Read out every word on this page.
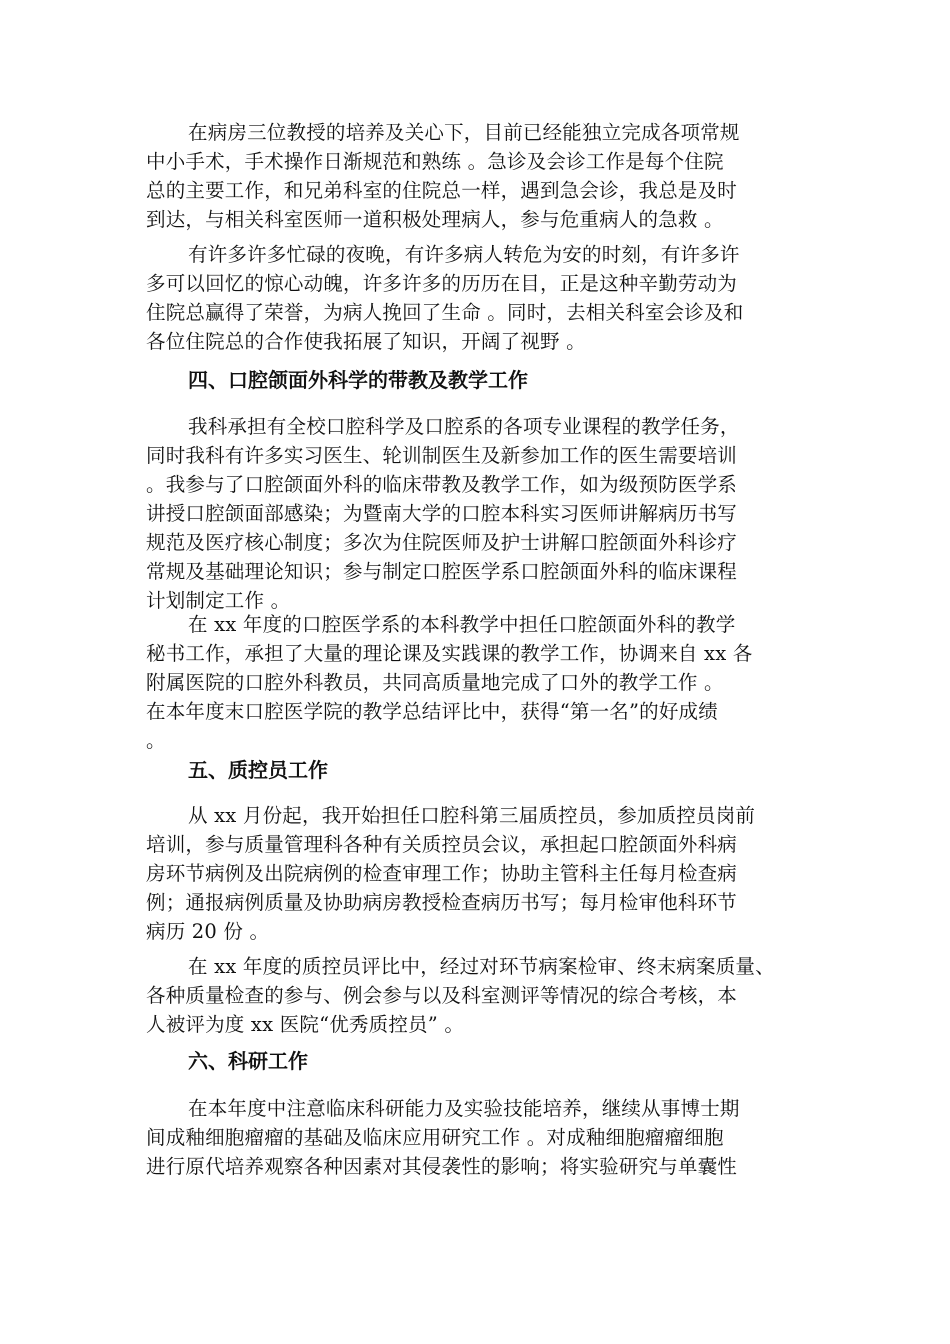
在病房三位教授的培养及关心下，目前已经能独立完成各项常规
中小手术，手术操作日渐规范和熟练 。急诊及会诊工作是每个住院
总的主要工作，和兄弟科室的住院总一样，遇到急会诊，我总是及时
到达，与相关科室医师一道积极处理病人，参与危重病人的急救 。
有许多许多忙碌的夜晚，有许多病人转危为安的时刻，有许多许
多可以回忆的惊心动魄，许多许多的历历在目，正是这种辛勤劳动为
住院总赢得了荣誉，为病人挽回了生命 。同时，去相关科室会诊及和
各位住院总的合作使我拓展了知识，开阔了视野 。
四、口腔颌面外科学的带教及教学工作
我科承担有全校口腔科学及口腔系的各项专业课程的教学任务，
同时我科有许多实习医生、轮训制医生及新参加工作的医生需要培训
。我参与了口腔颌面外科的临床带教及教学工作，如为级预防医学系
讲授口腔颌面部感染；为暨南大学的口腔本科实习医师讲解病历书写
规范及医疗核心制度；多次为住院医师及护士讲解口腔颌面外科诊疗
常规及基础理论知识；参与制定口腔医学系口腔颌面外科的临床课程
计划制定工作 。
在 xx 年度的口腔医学系的本科教学中担任口腔颌面外科的教学
秘书工作，承担了大量的理论课及实践课的教学工作，协调来自 xx 各
附属医院的口腔外科教员，共同高质量地完成了口外的教学工作 。
在本年度末口腔医学院的教学总结评比中，获得“第一名”的好成绩
。
五、质控员工作
从 xx 月份起，我开始担任口腔科第三届质控员，参加质控员岗前
培训，参与质量管理科各种有关质控员会议，承担起口腔颌面外科病
房环节病例及出院病例的检查审理工作；协助主管科主任每月检查病
例；通报病例质量及协助病房教授检查病历书写；每月检审他科环节
病历 20 份 。
在 xx 年度的质控员评比中，经过对环节病案检审、终末病案质量、
各种质量检查的参与、例会参与以及科室测评等情况的综合考核，本
人被评为度 xx 医院“优秀质控员” 。
六、科研工作
在本年度中注意临床科研能力及实验技能培养，继续从事博士期
间成釉细胞瘤瘤的基础及临床应用研究工作 。对成釉细胞瘤瘤细胞
进行原代培养观察各种因素对其侵袭性的影响；将实验研究与单囊性
